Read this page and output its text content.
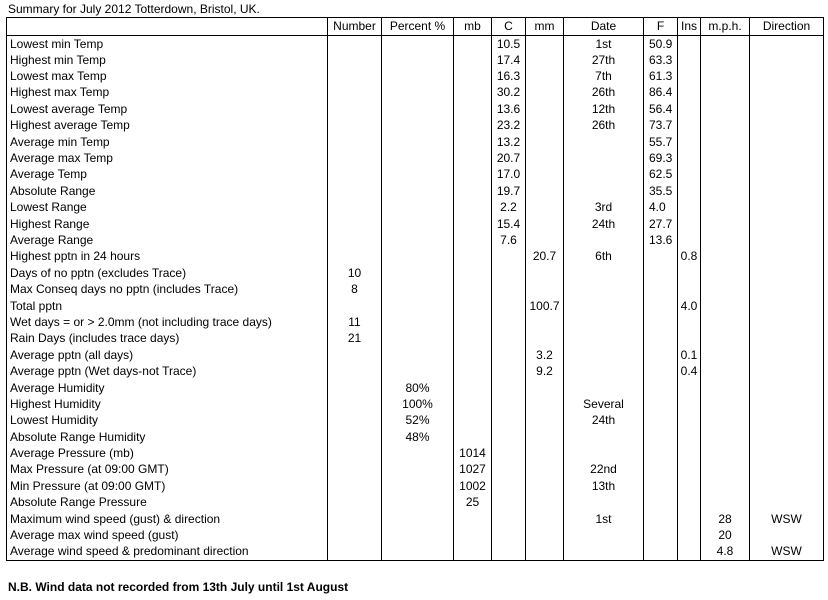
Summary for July 2012 Totterdown, Bristol, UK.
	Number	Percent %	mb	C	mm	Date	F	Ins	m.p.h.	Direction
Lowest min Temp				10.5		1st	50.9			
Highest min Temp				17.4		27th	63.3			
Lowest max Temp				16.3		7th	61.3			
Highest max Temp				30.2		26th	86.4			
Lowest average Temp				13.6		12th	56.4			
Highest average Temp				23.2		26th	73.7			
Average min Temp				13.2			55.7			
Average max Temp				20.7			69.3			
Average Temp				17.0			62.5			
Absolute Range				19.7			35.5			
Lowest Range				2.2		3rd	4.0			
Highest Range				15.4		24th	27.7			
Average Range				7.6			13.6			
Highest pptn in 24 hours					20.7	6th		0.8		
Days of no pptn (excludes Trace)	10									
Max Conseq days no pptn (includes Trace)	8									
Total pptn					100.7			4.0		
Wet days = or > 2.0mm (not including trace days)	11									
Rain Days (includes trace days)	21									
Average pptn (all days)					3.2			0.1		
Average pptn (Wet days-not Trace)					9.2			0.4		
Average Humidity		80%								
Highest Humidity		100%				Several				
Lowest Humidity		52%				24th				
Absolute Range Humidity		48%								
Average Pressure (mb)			1014							
Max Pressure (at 09:00 GMT)			1027			22nd				
Min Pressure (at 09:00 GMT)			1002			13th				
Absolute Range Pressure			25							
Maximum wind speed (gust) & direction						1st			28	WSW
Average max wind speed (gust)									20	
Average wind speed & predominant direction									4.8	WSW
N.B. Wind data not recorded from 13th July until 1st August
